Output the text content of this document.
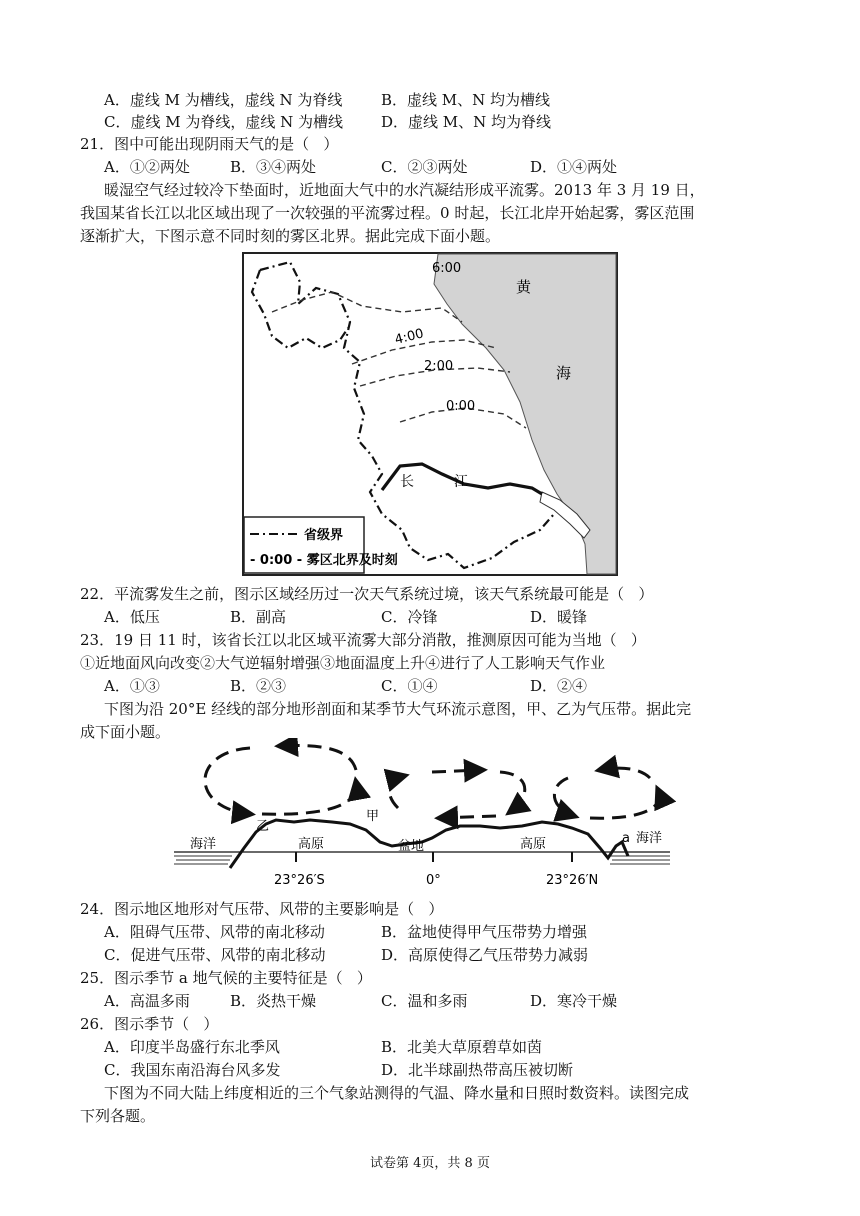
A．虚线 M 为槽线，虚线 N 为脊线	B．虚线 M、N 均为槽线
C．虚线 M 为脊线，虚线 N 为槽线	D．虚线 M、N 均为脊线
21．图中可能出现阴雨天气的是（   ）
A．①②两处	B．③④两处	C．②③两处	D．①④两处
暖湿空气经过较冷下垫面时，近地面大气中的水汽凝结形成平流雾。2013 年 3 月 19 日，
我国某省长江以北区域出现了一次较强的平流雾过程。0 时起，长江北岸开始起雾，雾区范围
逐渐扩大，下图示意不同时刻的雾区北界。据此完成下面小题。
6:00
4:00
2:00
0:00
黄
海
长	江
省级界
- 0:00 - 雾区北界及时刻
22．平流雾发生之前，图示区域经历过一次天气系统过境，该天气系统最可能是（   ）
A．低压	B．副高	C．冷锋	D．暖锋
23．19 日 11 时，该省长江以北区域平流雾大部分消散，推测原因可能为当地（   ）
①近地面风向改变②大气逆辐射增强③地面温度上升④进行了人工影响天气作业
A．①③	B．②③	C．①④	D．②④
下图为沿 20°E 经线的部分地形剖面和某季节大气环流示意图，甲、乙为气压带。据此完
成下面小题。
海洋	海洋
高原	盆地	高原
乙
甲
a
23°26′S	0°	23°26′N
24．图示地区地形对气压带、风带的主要影响是（   ）
A．阻碍气压带、风带的南北移动	B．盆地使得甲气压带势力增强
C．促进气压带、风带的南北移动	D．高原使得乙气压带势力减弱
25．图示季节 a 地气候的主要特征是（   ）
A．高温多雨	B．炎热干燥	C．温和多雨	D．寒冷干燥
26．图示季节（   ）
A．印度半岛盛行东北季风	B．北美大草原碧草如茵
C．我国东南沿海台风多发	D．北半球副热带高压被切断
下图为不同大陆上纬度相近的三个气象站测得的气温、降水量和日照时数资料。读图完成
下列各题。
试卷第 4页，共 8 页
